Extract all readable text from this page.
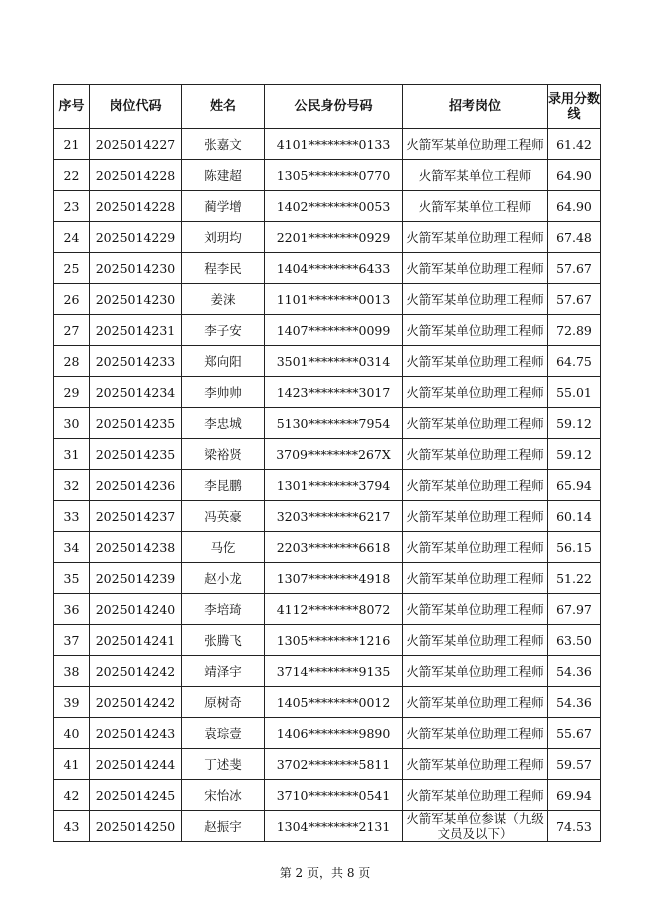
序号	岗位代码	姓名	公民身份号码	招考岗位	录用分数线
21	2025014227	张嘉文	4101********0133	火箭军某单位助理工程师	61.42
22	2025014228	陈建超	1305********0770	火箭军某单位工程师	64.90
23	2025014228	蔺学增	1402********0053	火箭军某单位工程师	64.90
24	2025014229	刘玥均	2201********0929	火箭军某单位助理工程师	67.48
25	2025014230	程李民	1404********6433	火箭军某单位助理工程师	57.67
26	2025014230	姜涞	1101********0013	火箭军某单位助理工程师	57.67
27	2025014231	李子安	1407********0099	火箭军某单位助理工程师	72.89
28	2025014233	郑向阳	3501********0314	火箭军某单位助理工程师	64.75
29	2025014234	李帅帅	1423********3017	火箭军某单位助理工程师	55.01
30	2025014235	李忠城	5130********7954	火箭军某单位助理工程师	59.12
31	2025014235	梁裕贤	3709********267X	火箭军某单位助理工程师	59.12
32	2025014236	李昆鹏	1301********3794	火箭军某单位助理工程师	65.94
33	2025014237	冯英豪	3203********6217	火箭军某单位助理工程师	60.14
34	2025014238	马仡	2203********6618	火箭军某单位助理工程师	56.15
35	2025014239	赵小龙	1307********4918	火箭军某单位助理工程师	51.22
36	2025014240	李培琦	4112********8072	火箭军某单位助理工程师	67.97
37	2025014241	张腾飞	1305********1216	火箭军某单位助理工程师	63.50
38	2025014242	靖泽宇	3714********9135	火箭军某单位助理工程师	54.36
39	2025014242	原树奇	1405********0012	火箭军某单位助理工程师	54.36
40	2025014243	袁琮壹	1406********9890	火箭军某单位助理工程师	55.67
41	2025014244	丁述斐	3702********5811	火箭军某单位助理工程师	59.57
42	2025014245	宋怡冰	3710********0541	火箭军某单位助理工程师	69.94
43	2025014250	赵振宇	1304********2131	火箭军某单位参谋（九级文员及以下）	74.53
第 2 页，共 8 页
